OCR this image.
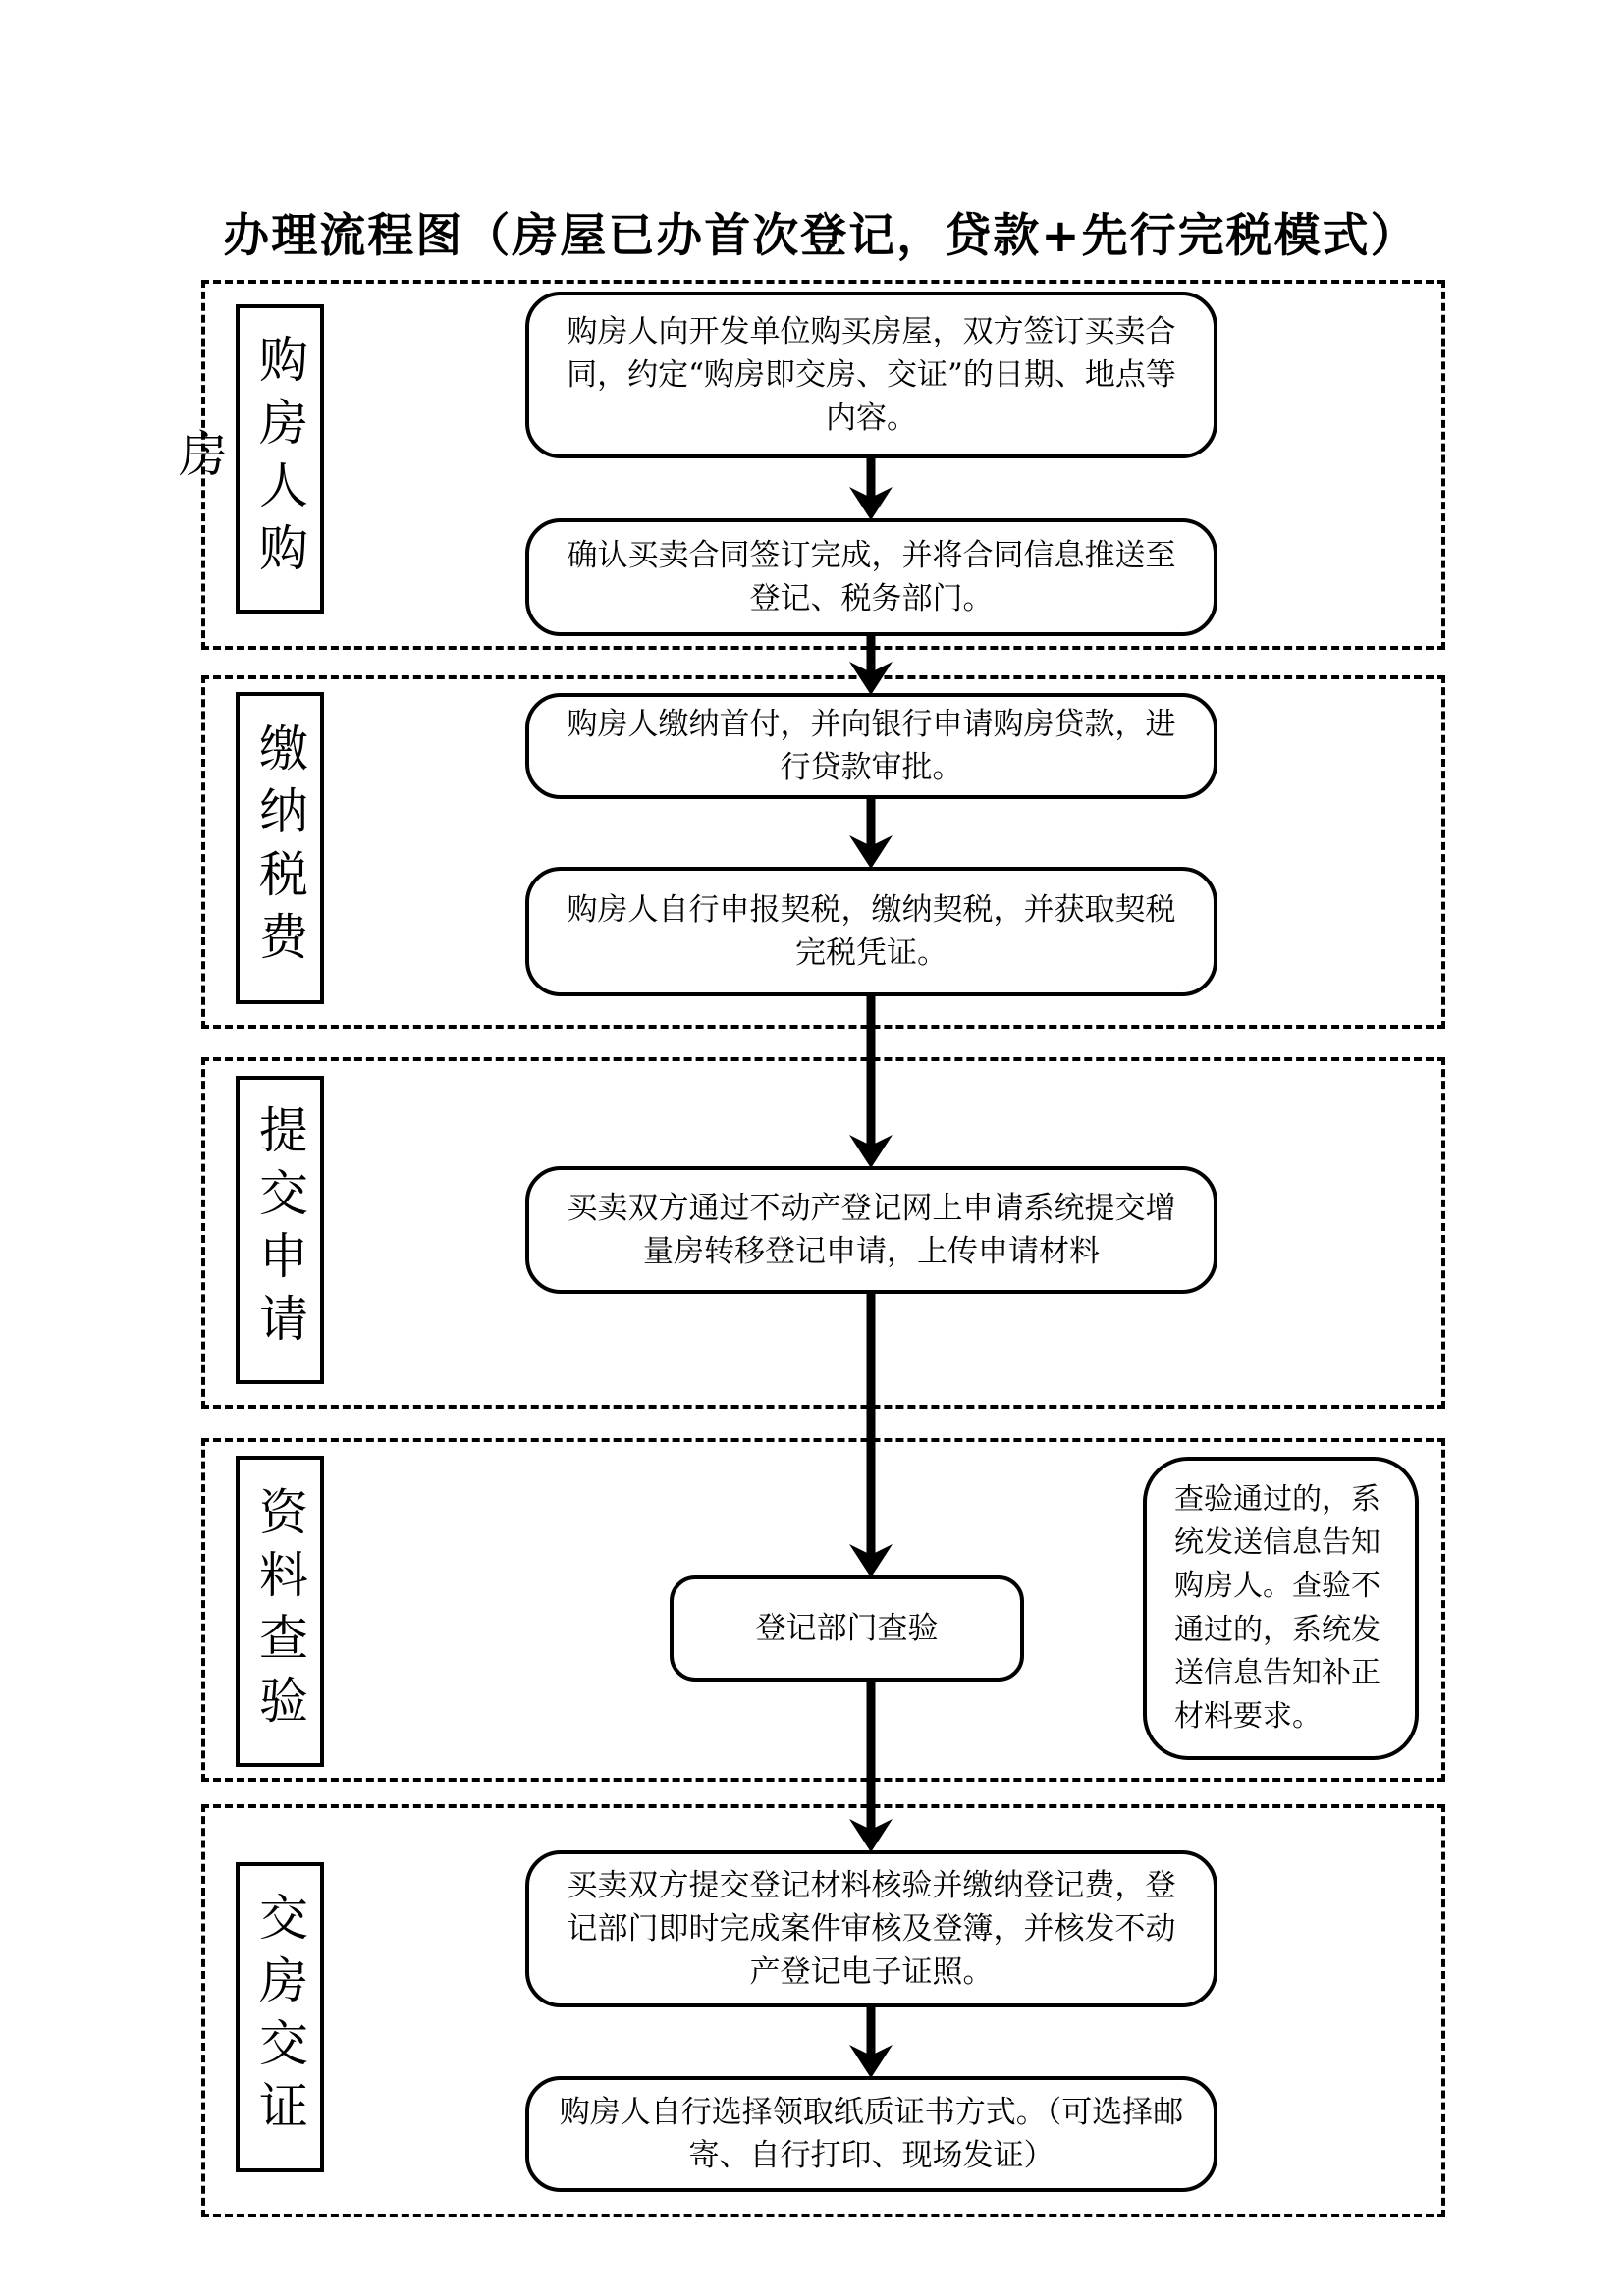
办理流程图（房屋已办首次登记，贷款+先行完税模式）
购房人购房
缴纳税费
提交申请
资料查验
交房交证
购房人向开发单位购买房屋，双方签订买卖合同，约定“购房即交房、交证”的日期、地点等内容。
确认买卖合同签订完成，并将合同信息推送至登记、税务部门。
购房人缴纳首付，并向银行申请购房贷款，进行贷款审批。
购房人自行申报契税，缴纳契税，并获取契税完税凭证。
买卖双方通过不动产登记网上申请系统提交增量房转移登记申请，上传申请材料
登记部门查验
查验通过的，系统发送信息告知购房人。查验不通过的，系统发送信息告知补正材料要求。
买卖双方提交登记材料核验并缴纳登记费，登记部门即时完成案件审核及登簿，并核发不动产登记电子证照。
购房人自行选择领取纸质证书方式。（可选择邮寄、自行打印、现场发证）
